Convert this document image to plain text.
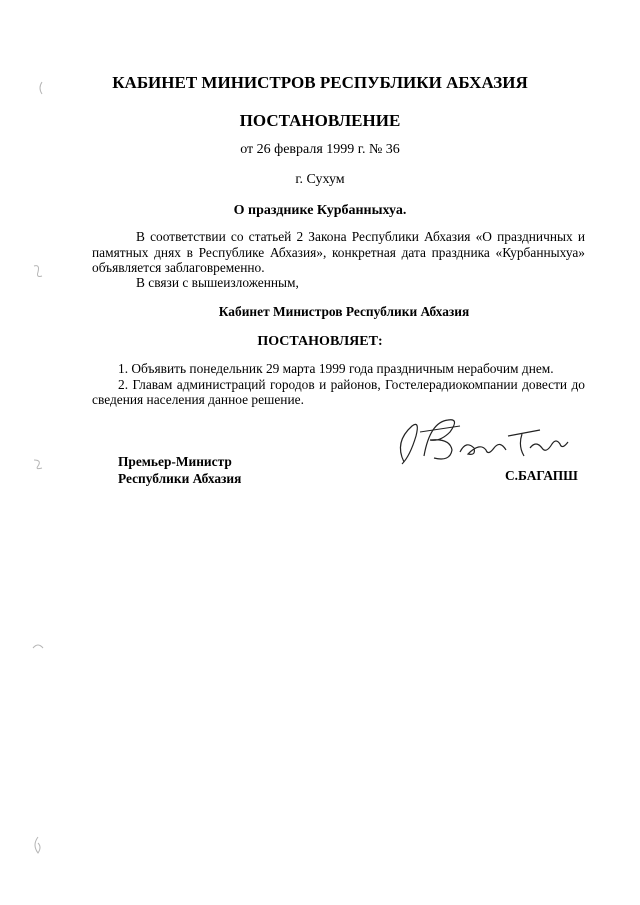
КАБИНЕТ МИНИСТРОВ РЕСПУБЛИКИ АБХАЗИЯ
ПОСТАНОВЛЕНИЕ
от 26 февраля 1999 г. № 36
г. Сухум
О празднике Курбанныхуа.
В соответствии со статьей 2 Закона Республики Абхазия «О праздничных и памятных днях в Республике Абхазия», конкретная дата праздника «Курбанныхуа» объявляется заблаговременно.
В связи с вышеизложенным,
Кабинет Министров Республики Абхазия
ПОСТАНОВЛЯЕТ:
1. Объявить понедельник 29 марта 1999 года праздничным нерабочим днем.
2. Главам администраций городов и районов, Гостелерадиокомпании довести до сведения населения данное решение.
Премьер-Министр
Республики Абхазия	С.БАГАПШ
